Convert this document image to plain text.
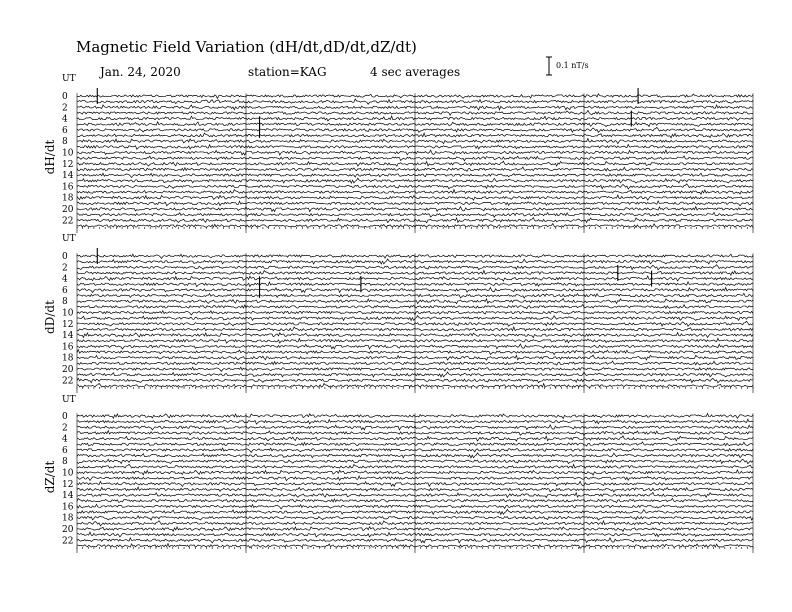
Magnetic Field Variation (dH/dt,dD/dt,dZ/dt)
Jan. 24, 2020	station=KAG	4 sec averages	0.1 nT/s
UT
UT
UT
dH/dt
dD/dt
dZ/dt
0
2
4
6
8
10
12
14
16
18
20
22
0
2
4
6
8
10
12
14
16
18
20
22
0
2
4
6
8
10
12
14
16
18
20
22
